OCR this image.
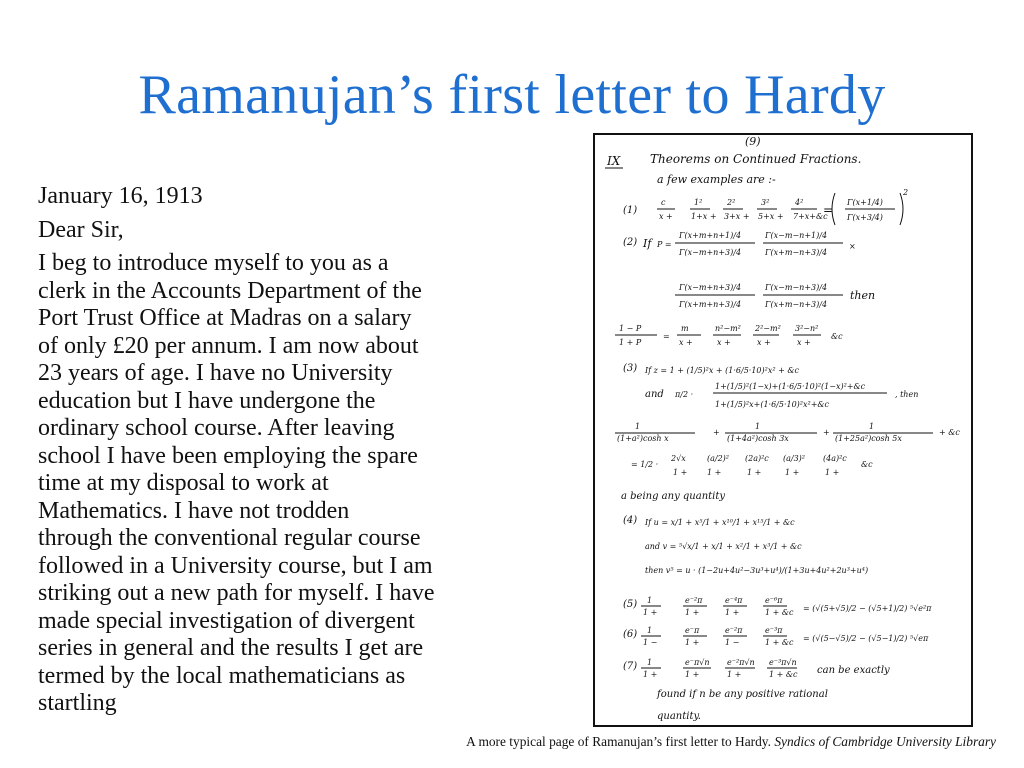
Ramanujan’s first letter to Hardy

January 16, 1913

Dear Sir,

I beg to introduce myself to you as a
clerk in the Accounts Department of the
Port Trust Office at Madras on a salary
of only £20 per annum. I am now about
23 years of age. I have no University
education but I have undergone the
ordinary school course. After leaving
school I have been employing the spare
time at my disposal to work at
Mathematics. I have not trodden
through the conventional regular course
followed in a University course, but I am
striking out a new path for myself. I have
made special investigation of divergent
series in general and the results I get are
termed by the local mathematicians as
startling
(9)
IX Theorems on Continued Fractions.
a few examples are :-
(1)
c
x +
1²
1+x +
2²
3+x +
3²
5+x +
4²
7+x+&c
=
Γ(x+1/4)
Γ(x+3/4)
2
(2) If P =
Γ(x+m+n+1)/4
Γ(x−m+n+3)/4
Γ(x−m−n+1)/4
Γ(x+m−n+3)/4
×
Γ(x−m+n+3)/4
Γ(x+m+n+3)/4
Γ(x−m−n+3)/4
Γ(x+m−n+3)/4
1 − P
1 + P
=
m
x +
n²−m²
x +
2²−m²
x +
3²−n²
x +
&c
then
(3) If z = 1 + (1/5)²x + (1·6/5·10)²x² + &c
π/2 ·
1+(1/5)²(1−x)+(1·6/5·10)²(1−x)²+&c
1+(1/5)²x+(1·6/5·10)²x²+&c
, then
and
1
(1+a²)cosh x
+
1
(1+4a²)cosh 3x
+
1
(1+25a²)cosh 5x
+ &c
= 1/2 ·
2√x
1 +
(a/2)²
1 +
(2a)²c
1 +
(a/3)²
1 +
(4a)²c
1 +
&c
a being any quantity
(4) If u = x/1 + x⁵/1 + x¹⁰/1 + x¹⁵/1 + &c
and v = ⁵√x/1 + x/1 + x²/1 + x³/1 + &c
then v⁵ = u · (1−2u+4u²−3u³+u⁴)/(1+3u+4u²+2u³+u⁴)
(5) 1
1 +
e⁻²π
1 +
e⁻⁴π
1 +
e⁻⁶π
1 + &c = (√(5+√5)/2 − (√5+1)/2) ⁵√e²π
(6) 1
1 −
e⁻π
1 +
e⁻²π
1 −
e⁻³π
1 + &c = (√(5−√5)/2 − (√5−1)/2) ⁵√eπ
(7) 1
1 +
e⁻π√n
1 +
e⁻²π√n
1 +
e⁻³π√n
1 + &c can be exactly
found if n be any positive rational
quantity.
A more typical page of Ramanujan’s first letter to Hardy. Syndics of Cambridge University Library
